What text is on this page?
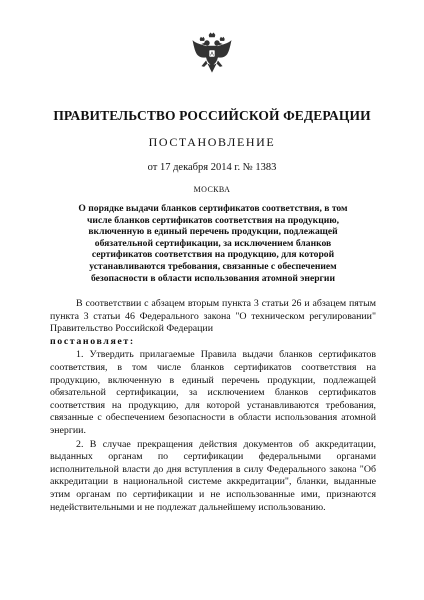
ПРАВИТЕЛЬСТВО РОССИЙСКОЙ ФЕДЕРАЦИИ
ПОСТАНОВЛЕНИЕ
от 17 декабря 2014 г. № 1383
МОСКВА
О порядке выдачи бланков сертификатов соответствия, в том числе бланков сертификатов соответствия на продукцию, включенную в единый перечень продукции, подлежащей обязательной сертификации, за исключением бланков сертификатов соответствия на продукцию, для которой устанавливаются требования, связанные с обеспечением безопасности в области использования атомной энергии

В соответствии с абзацем вторым пункта 3 статьи 26 и абзацем пятым пункта 3 статьи 46 Федерального закона "О техническом регулировании" Правительство Российской Федерации

постановляет:

1. Утвердить прилагаемые Правила выдачи бланков сертификатов соответствия, в том числе бланков сертификатов соответствия на продукцию, включенную в единый перечень продукции, подлежащей обязательной сертификации, за исключением бланков сертификатов соответствия на продукцию, для которой устанавливаются требования, связанные с обеспечением безопасности в области использования атомной энергии.

2. В случае прекращения действия документов об аккредитации, выданных органам по сертификации федеральными органами исполнительной власти до дня вступления в силу Федерального закона "Об аккредитации в национальной системе аккредитации", бланки, выданные этим органам по сертификации и не использованные ими, признаются недействительными и не подлежат дальнейшему использованию.
